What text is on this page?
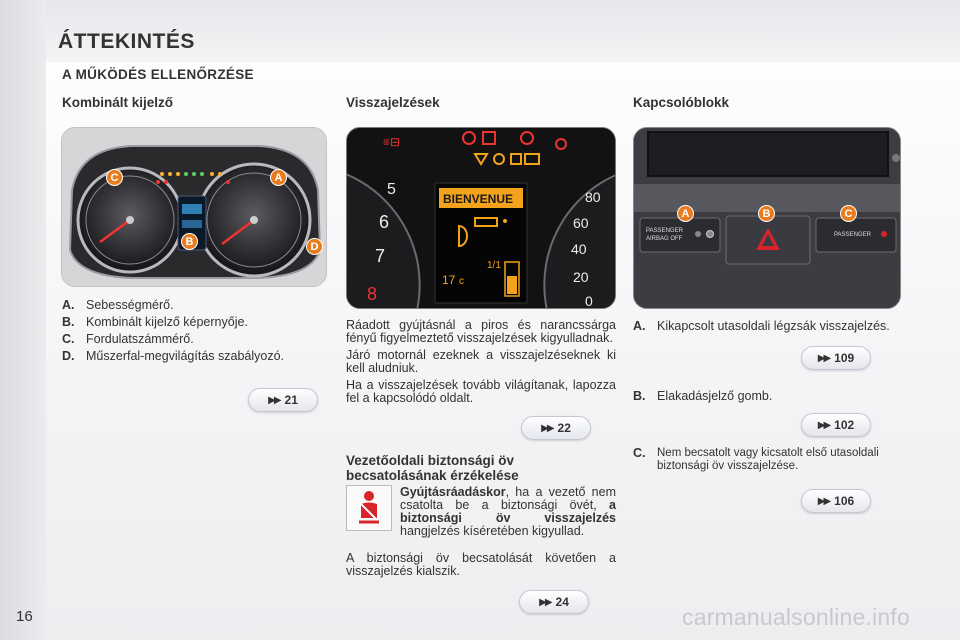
ÁTTEKINTÉS
A MŰKÖDÉS ELLENŐRZÉSE
Kombinált kijelző	Visszajelzések	Kapcsolóblokk
C	A
B	D
A. Sebességmérő.
B. Kombinált kijelző képernyője.
C. Fordulatszámmérő.
D. Műszerfal-megvilágítás szabályozó.
▶▶ 21
6
7
8
5	80
60
40
20
0
BIENVENUE
17 c
1/1
≡⊟

Ráadott gyújtásnál a piros és narancssárga fényű figyelmeztető visszajelzések kigyulladnak.

Járó motornál ezeknek a visszajelzéseknek ki kell aludniuk.

Ha a visszajelzések tovább világítanak, lapozza fel a kapcsolódó oldalt.

▶▶ 22
Vezetőoldali biztonsági öv
becsatolásának érzékelése
Gyújtásráadáskor, ha a vezető nem csatolta be a biztonsági övét, a biztonsági öv visszajelzés hangjelzés kíséretében kigyullad.
A biztonsági öv becsatolását követően a visszajelzés kialszik.
▶▶ 24
PASSENGER
AIRBAG OFF
PASSENGER
A	B	C
A. Kikapcsolt utasoldali légzsák visszajelzés.
▶▶ 109
B. Elakadásjelző gomb.
▶▶ 102
C.	Nem becsatolt vagy kicsatolt első utasoldali biztonsági öv visszajelzése.
▶▶ 106
16	carmanualsonline.info
